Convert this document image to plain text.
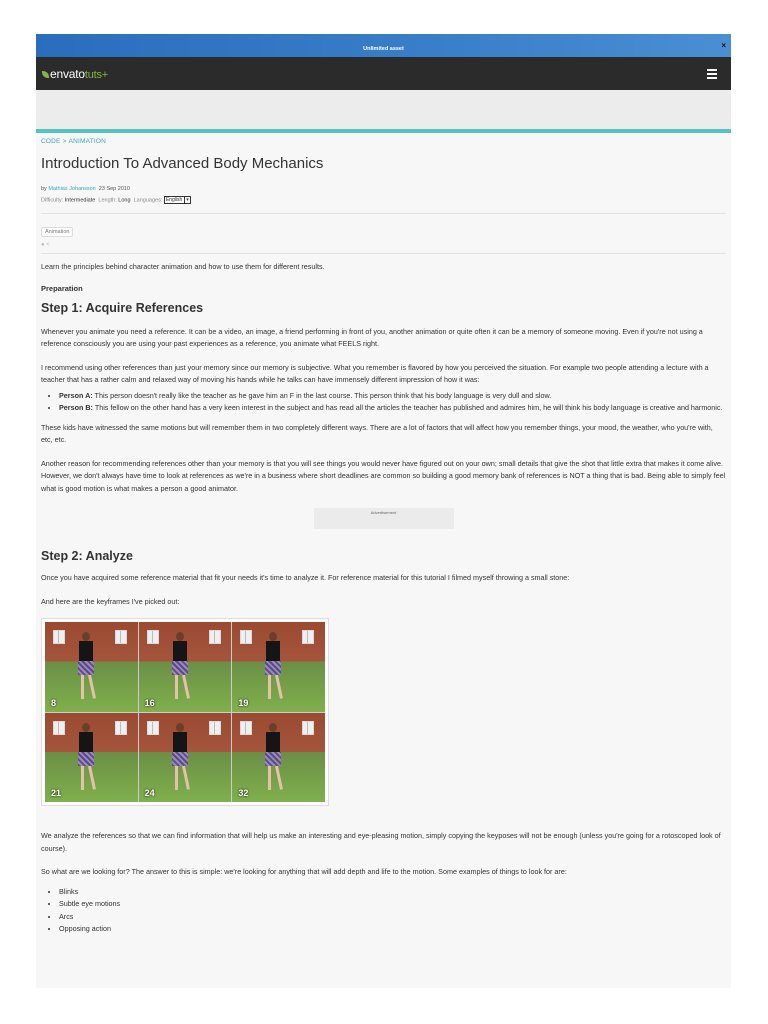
Unlimited asset	×
envatotuts+
CODE > ANIMATION
Introduction To Advanced Body Mechanics
by Mathias Johansson 23 Sep 2010
Difficulty: Intermediate Length: Long Languages: English ▾
Animation
● <

Learn the principles behind character animation and how to use them for different results.

Preparation
Step 1: Acquire References

Whenever you animate you need a reference. It can be a video, an image, a friend performing in front of you, another animation or quite often it can be a memory of someone moving. Even if you're not using a reference consciously you are using your past experiences as a reference, you animate what FEELS right.

I recommend using other references than just your memory since our memory is subjective. What you remember is flavored by how you perceived the situation. For example two people attending a lecture with a teacher that has a rather calm and relaxed way of moving his hands while he talks can have immensely different impression of how it was:

• Person A: This person doesn't really like the teacher as he gave him an F in the last course. This person think that his body language is very dull and slow.
• Person B: This fellow on the other hand has a very keen interest in the subject and has read all the articles the teacher has published and admires him, he will think his body language is creative and harmonic.

These kids have witnessed the same motions but will remember them in two completely different ways. There are a lot of factors that will affect how you remember things, your mood, the weather, who you're with, etc, etc.

Another reason for recommending references other than your memory is that you will see things you would never have figured out on your own; small details that give the shot that little extra that makes it come alive. However, we don't always have time to look at references as we're in a business where short deadlines are common so building a good memory bank of references is NOT a thing that is bad. Being able to simply feel what is good motion is what makes a person a good animator.

Advertisement
Step 2: Analyze

Once you have acquired some reference material that fit your needs it's time to analyze it. For reference material for this tutorial I filmed myself throwing a small stone:

And here are the keyframes I've picked out:

8	16	19
21	24	32

We analyze the references so that we can find information that will help us make an interesting and eye-pleasing motion, simply copying the keyposes will not be enough (unless you're going for a rotoscoped look of course).

So what are we looking for? The answer to this is simple: we're looking for anything that will add depth and life to the motion. Some examples of things to look for are:

• Blinks
• Subtle eye motions
• Arcs
• Opposing action
